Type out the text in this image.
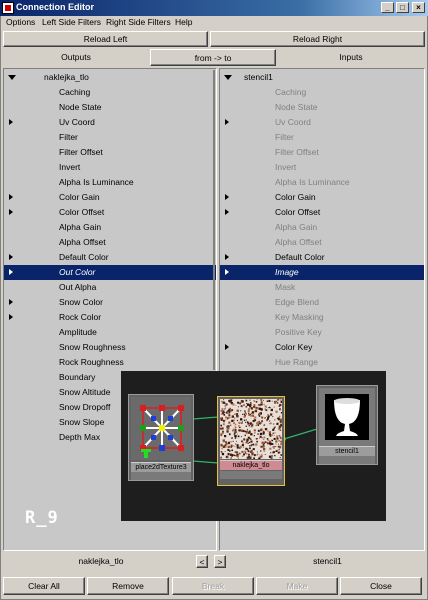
Connection Editor	_	□	×
Options Left Side Filters Right Side Filters Help
Reload Left	Reload Right
Outputs	from -> to	Inputs
naklejka_tlo
Caching
Node State
Uv Coord
Filter
Filter Offset
Invert
Alpha Is Luminance
Color Gain
Color Offset
Alpha Gain
Alpha Offset
Default Color
Out Color
Out Alpha
Snow Color
Rock Color
Amplitude
Snow Roughness
Rock Roughness
Boundary
Snow Altitude
Snow Dropoff
Snow Slope
Depth Max
stencil1
Caching
Node State
Uv Coord
Filter
Filter Offset
Invert
Alpha Is Luminance
Color Gain
Color Offset
Alpha Gain
Alpha Offset
Default Color
Image
Mask
Edge Blend
Key Masking
Positive Key
Color Key
Hue Range
place2dTexture3	naklejka_tlo
stencil1
R_9
naklejka_tlo	< >	stencil1
Clear All	Remove	Break	Make	Close
